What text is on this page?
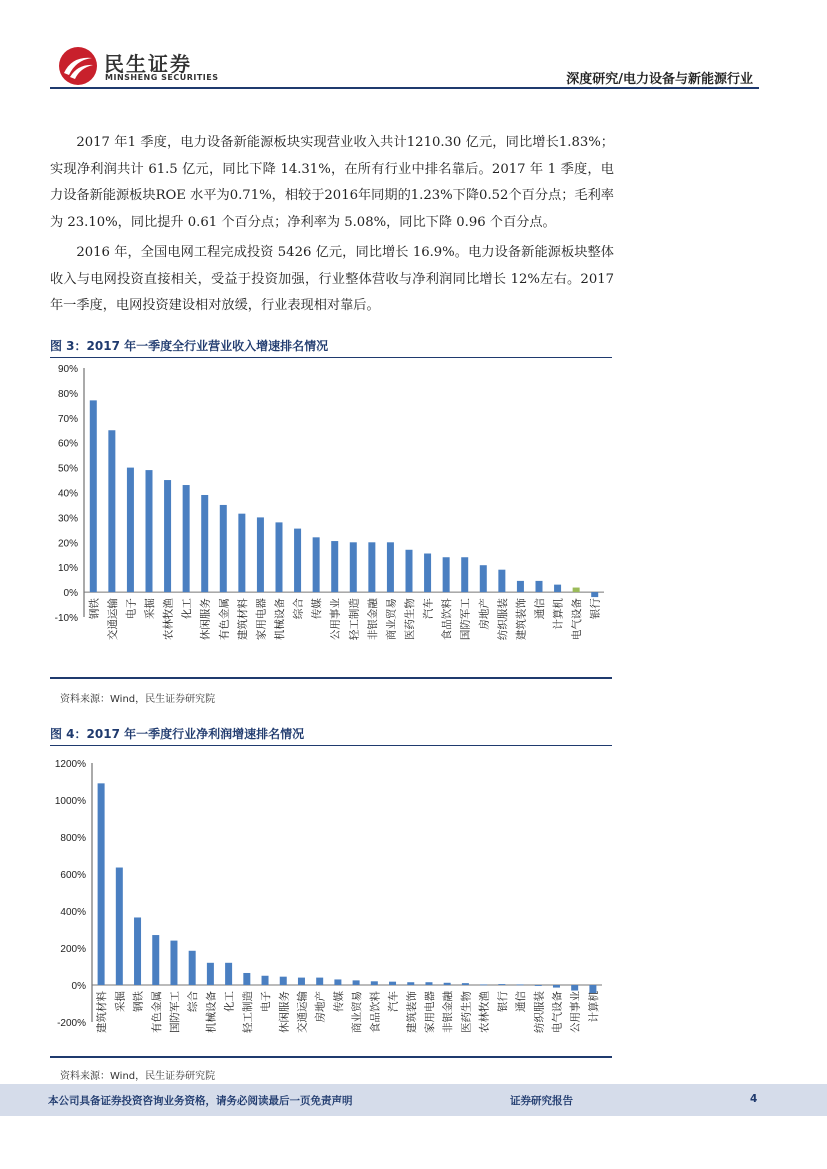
民生证券
MINSHENG SECURITIES	深度研究/电力设备与新能源行业

2017 年1 季度，电力设备新能源板块实现营业收入共计1210.30 亿元，同比增长1.83%；实现净利润共计 61.5 亿元，同比下降 14.31%，在所有行业中排名靠后。2017 年 1 季度，电力设备新能源板块ROE 水平为0.71%，相较于2016年同期的1.23%下降0.52个百分点；毛利率为 23.10%，同比提升 0.61 个百分点；净利率为 5.08%，同比下降 0.96 个百分点。

2016 年，全国电网工程完成投资 5426 亿元，同比增长 16.9%。电力设备新能源板块整体收入与电网投资直接相关，受益于投资加强，行业整体营收与净利润同比增长 12%左右。2017 年一季度，电网投资建设相对放缓，行业表现相对靠后。

图 3：2017 年一季度全行业营业收入增速排名情况
-10%
0%
10%
20%
30%
40%
50%
60%
70%
80%
90%
钢铁 交通运输 电子 采掘 农林牧渔 化工 休闲服务 有色金属 建筑材料 家用电器 机械设备 综合 传媒 公用事业 轻工制造 非银金融 商业贸易 医药生物 汽车 食品饮料 国防军工 房地产 纺织服装 建筑装饰 通信 计算机 电气设备 银行
资料来源：Wind，民生证券研究院
图 4：2017 年一季度行业净利润增速排名情况
-200%
0%
200%
400%
600%
800%
1000%
1200%
建筑材料 采掘 钢铁 有色金属 国防军工 综合 机械设备 化工 轻工制造 电子 休闲服务 交通运输 房地产 传媒 商业贸易 食品饮料 汽车 建筑装饰 家用电器 非银金融 医药生物 农林牧渔 银行 通信 纺织服装 电气设备 公用事业 计算机
资料来源：Wind，民生证券研究院
本公司具备证券投资咨询业务资格，请务必阅读最后一页免责声明	证券研究报告	4
